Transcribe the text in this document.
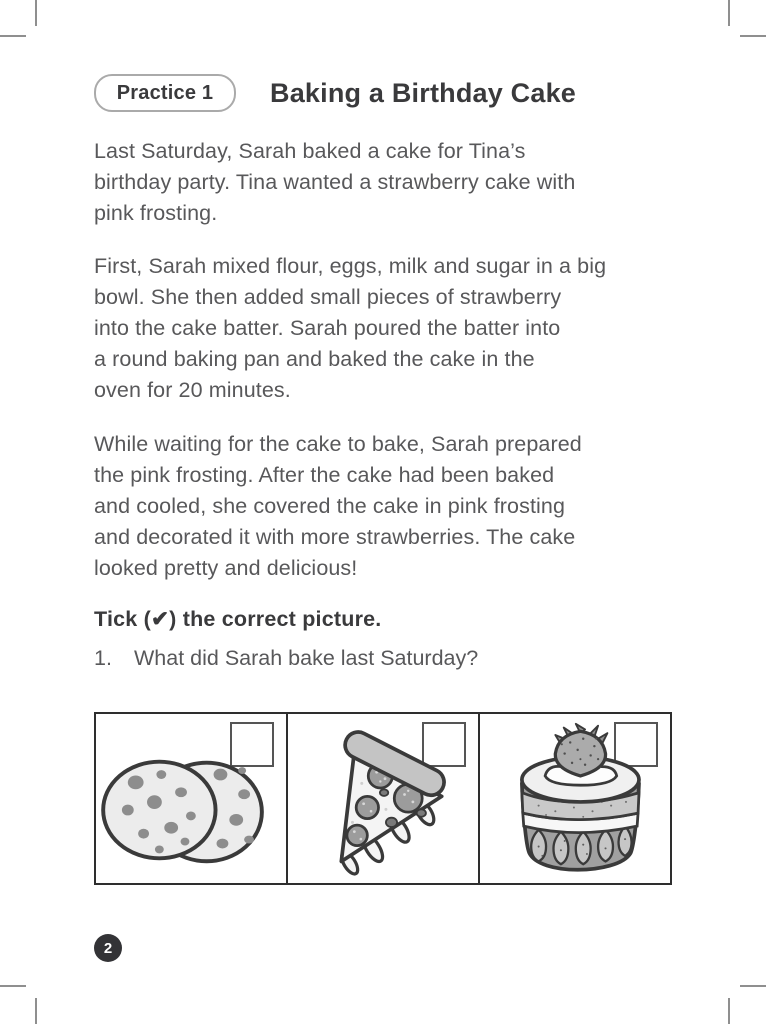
Practice 1	Baking a Birthday Cake
Last Saturday, Sarah baked a cake for Tina’s
birthday party. Tina wanted a strawberry cake with
pink frosting.
First, Sarah mixed flour, eggs, milk and sugar in a big
bowl. She then added small pieces of strawberry
into the cake batter. Sarah poured the batter into
a round baking pan and baked the cake in the
oven for 20 minutes.
While waiting for the cake to bake, Sarah prepared
the pink frosting. After the cake had been baked
and cooled, she covered the cake in pink frosting
and decorated it with more strawberries. The cake
looked pretty and delicious!
Tick (✔) the correct picture.
1.	What did Sarah bake last Saturday?
2
